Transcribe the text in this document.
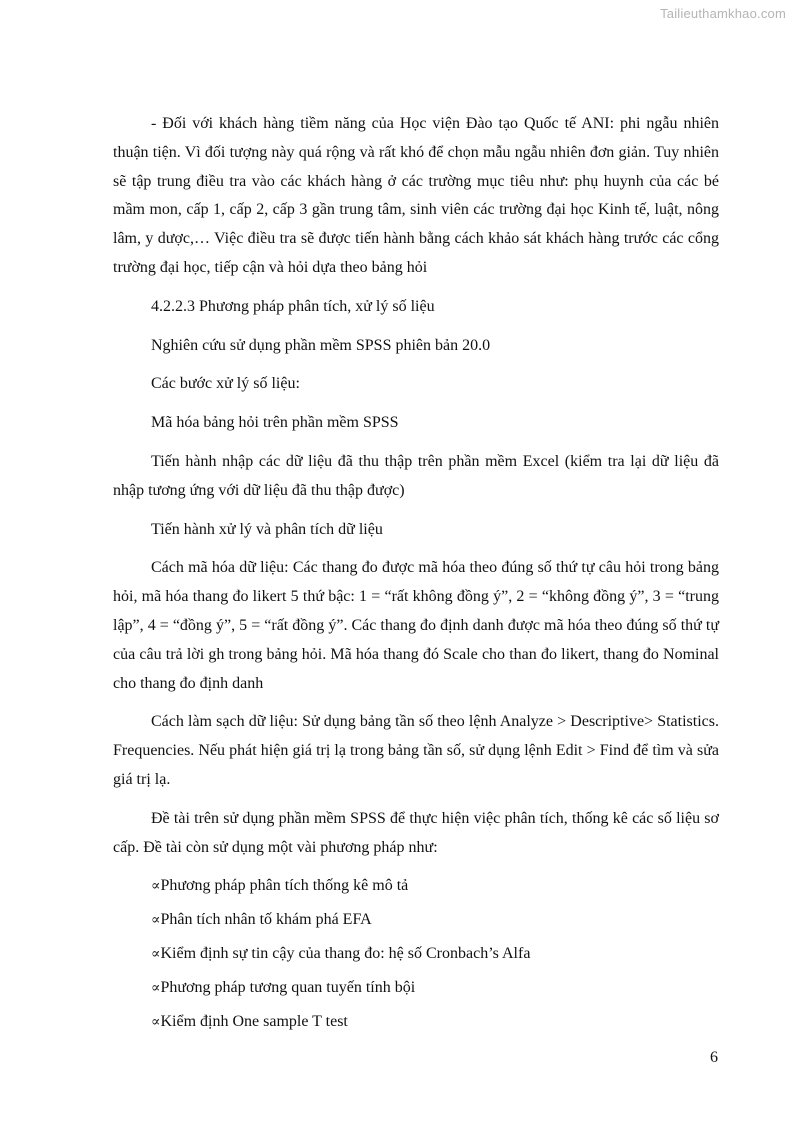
Tailieuthamkhao.com

- Đối với khách hàng tiềm năng của Học viện Đào tạo Quốc tế ANI: phi ngẫu nhiên thuận tiện. Vì đối tượng này quá rộng và rất khó để chọn mẫu ngẫu nhiên đơn giản. Tuy nhiên sẽ tập trung điều tra vào các khách hàng ở các trường mục tiêu như: phụ huynh của các bé mầm mon, cấp 1, cấp 2, cấp 3 gần trung tâm, sinh viên các trường đại học Kinh tế, luật, nông lâm, y dược,… Việc điều tra sẽ được tiến hành bằng cách khảo sát khách hàng trước các cổng trường đại học, tiếp cận và hỏi dựa theo bảng hỏi

4.2.2.3 Phương pháp phân tích, xử lý số liệu

Nghiên cứu sử dụng phần mềm SPSS phiên bản 20.0

Các bước xử lý số liệu:

Mã hóa bảng hỏi trên phần mềm SPSS

Tiến hành nhập các dữ liệu đã thu thập trên phần mềm Excel (kiểm tra lại dữ liệu đã nhập tương ứng với dữ liệu đã thu thập được)

Tiến hành xử lý và phân tích dữ liệu

Cách mã hóa dữ liệu: Các thang đo được mã hóa theo đúng số thứ tự câu hỏi trong bảng hỏi, mã hóa thang đo likert 5 thứ bậc: 1 = “rất không đồng ý”, 2 = “không đồng ý”, 3 = “trung lập”, 4 = “đồng ý”, 5 = “rất đồng ý”. Các thang đo định danh được mã hóa theo đúng số thứ tự của câu trả lời gh trong bảng hỏi. Mã hóa thang đó Scale cho than đo likert, thang đo Nominal cho thang đo định danh

Cách làm sạch dữ liệu: Sử dụng bảng tần số theo lệnh Analyze > Descriptive> Statistics. Frequencies. Nếu phát hiện giá trị lạ trong bảng tần số, sử dụng lệnh Edit > Find để tìm và sửa giá trị lạ.

Đề tài trên sử dụng phần mềm SPSS để thực hiện việc phân tích, thống kê các số liệu sơ cấp. Đề tài còn sử dụng một vài phương pháp như:

∝Phương pháp phân tích thống kê mô tả

∝Phân tích nhân tố khám phá EFA

∝Kiểm định sự tin cậy của thang đo: hệ số Cronbach’s Alfa

∝Phương pháp tương quan tuyến tính bội

∝Kiểm định One sample T test

6
